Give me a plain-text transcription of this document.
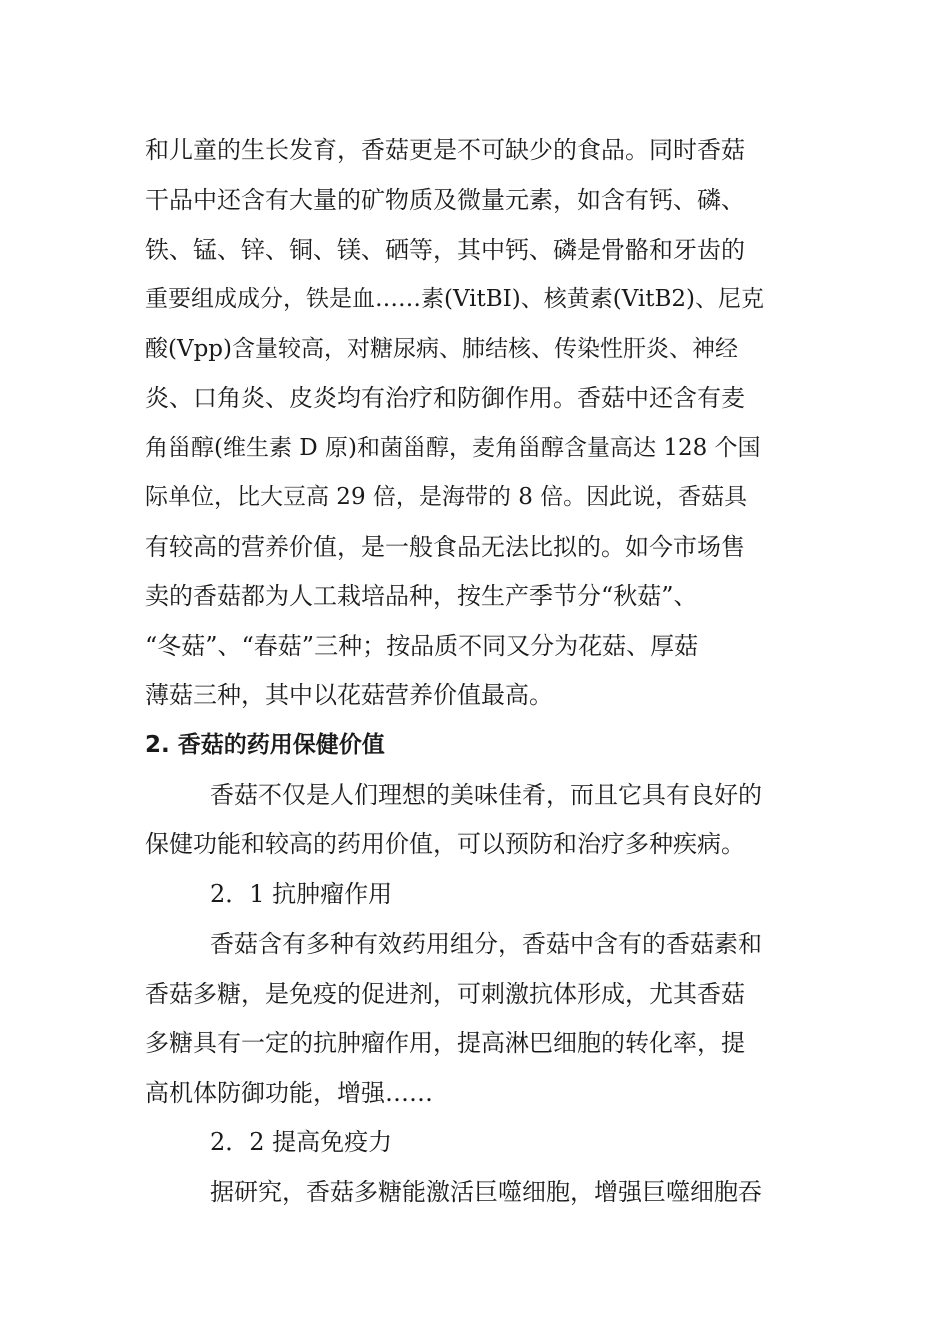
和儿童的生长发育，香菇更是不可缺少的食品。同时香菇
干品中还含有大量的矿物质及微量元素，如含有钙、磷、
铁、锰、锌、铜、镁、硒等，其中钙、磷是骨骼和牙齿的
重要组成成分，铁是血……素(VitBI)、核黄素(VitB2)、尼克
酸(Vpp)含量较高，对糖尿病、肺结核、传染性肝炎、神经
炎、口角炎、皮炎均有治疗和防御作用。香菇中还含有麦
角甾醇(维生素 D 原)和菌甾醇，麦角甾醇含量高达 128 个国
际单位，比大豆高 29 倍，是海带的 8 倍。因此说，香菇具
有较高的营养价值，是一般食品无法比拟的。如今市场售
卖的香菇都为人工栽培品种，按生产季节分“秋菇”、
“冬菇”、“春菇”三种；按品质不同又分为花菇、厚菇
薄菇三种，其中以花菇营养价值最高。
2. 香菇的药用保健价值
香菇不仅是人们理想的美味佳肴，而且它具有良好的
保健功能和较高的药用价值，可以预防和治疗多种疾病。
2．1 抗肿瘤作用
香菇含有多种有效药用组分，香菇中含有的香菇素和
香菇多糖，是免疫的促进剂，可刺激抗体形成，尤其香菇
多糖具有一定的抗肿瘤作用，提高淋巴细胞的转化率，提
高机体防御功能，增强……
2．2 提高免疫力
据研究，香菇多糖能激活巨噬细胞，增强巨噬细胞吞
